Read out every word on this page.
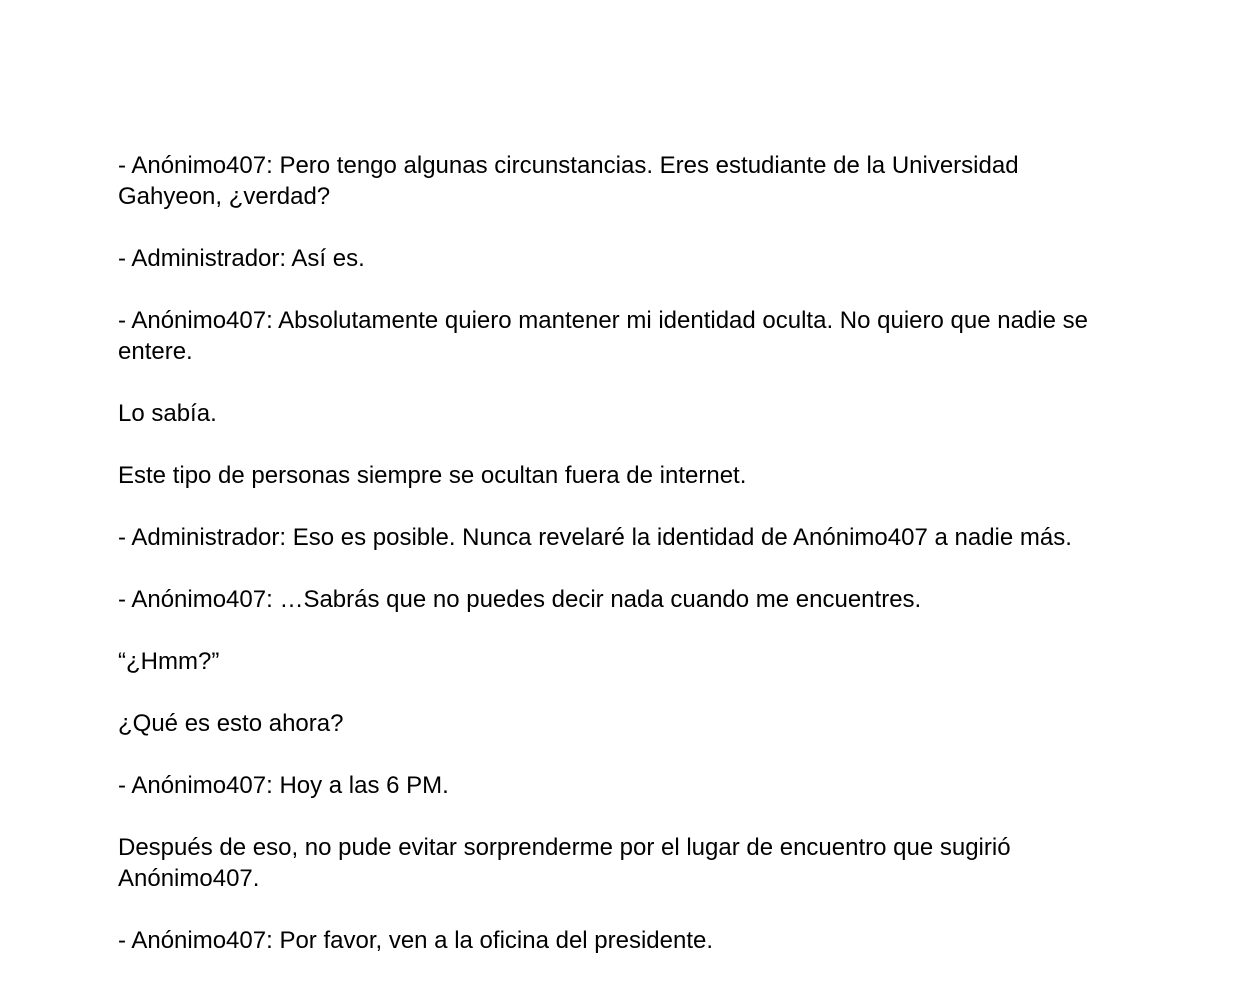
- Anónimo407: Pero tengo algunas circunstancias. Eres estudiante de la Universidad Gahyeon, ¿verdad?

- Administrador: Así es.

- Anónimo407: Absolutamente quiero mantener mi identidad oculta. No quiero que nadie se entere.

Lo sabía.

Este tipo de personas siempre se ocultan fuera de internet.

- Administrador: Eso es posible. Nunca revelaré la identidad de Anónimo407 a nadie más.

- Anónimo407: …Sabrás que no puedes decir nada cuando me encuentres.

“¿Hmm?”

¿Qué es esto ahora?

- Anónimo407: Hoy a las 6 PM.

Después de eso, no pude evitar sorprenderme por el lugar de encuentro que sugirió Anónimo407.

- Anónimo407: Por favor, ven a la oficina del presidente.
